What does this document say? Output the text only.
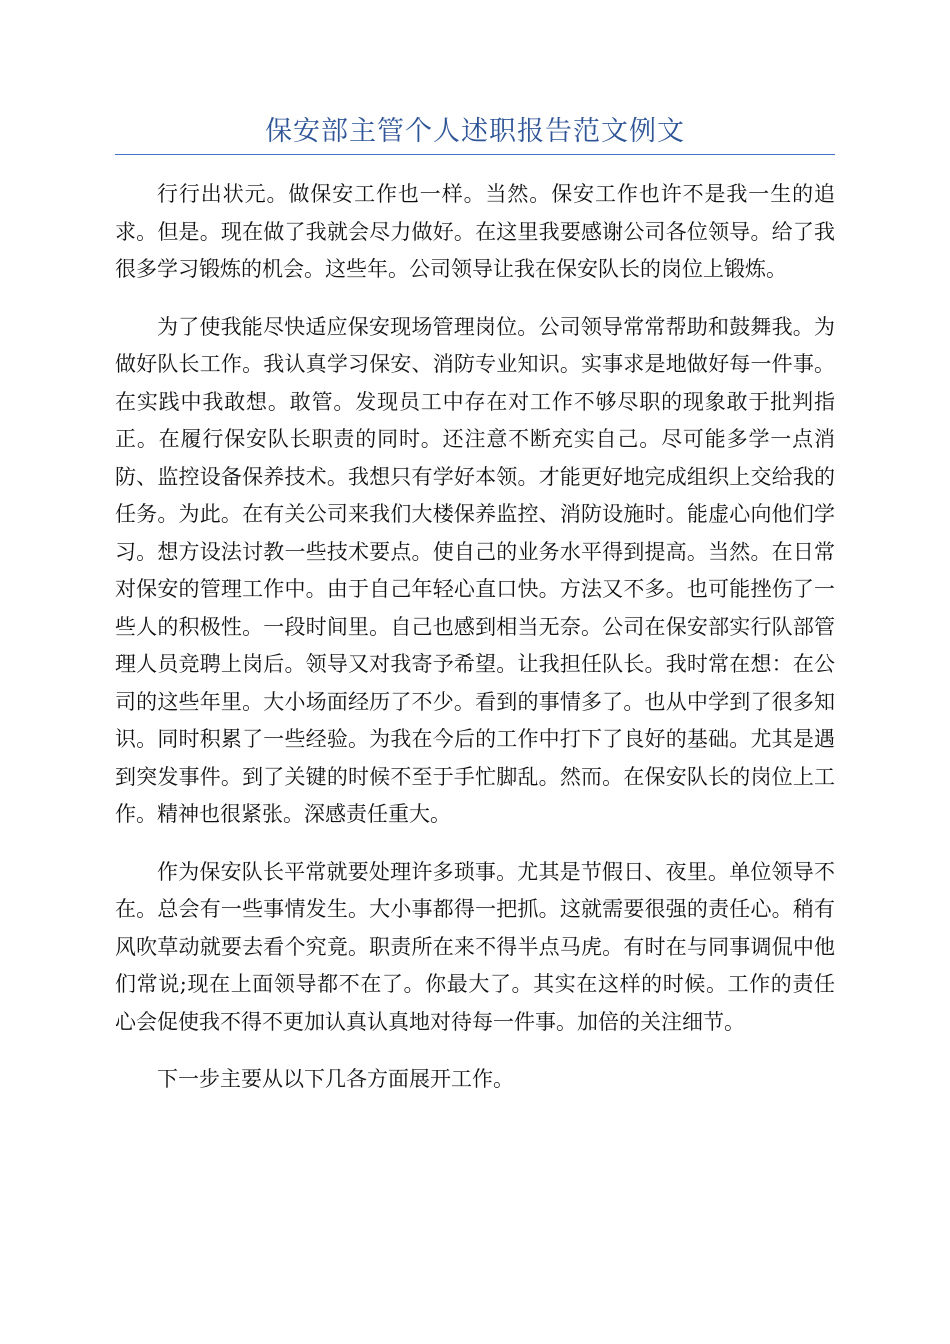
保安部主管个人述职报告范文例文

行行出状元。做保安工作也一样。当然。保安工作也许不是我一生的追求。但是。现在做了我就会尽力做好。在这里我要感谢公司各位领导。给了我很多学习锻炼的机会。这些年。公司领导让我在保安队长的岗位上锻炼。

为了使我能尽快适应保安现场管理岗位。公司领导常常帮助和鼓舞我。为做好队长工作。我认真学习保安、消防专业知识。实事求是地做好每一件事。在实践中我敢想。敢管。发现员工中存在对工作不够尽职的现象敢于批判指正。在履行保安队长职责的同时。还注意不断充实自己。尽可能多学一点消防、监控设备保养技术。我想只有学好本领。才能更好地完成组织上交给我的任务。为此。在有关公司来我们大楼保养监控、消防设施时。能虚心向他们学习。想方设法讨教一些技术要点。使自己的业务水平得到提高。当然。在日常对保安的管理工作中。由于自己年轻心直口快。方法又不多。也可能挫伤了一些人的积极性。一段时间里。自己也感到相当无奈。公司在保安部实行队部管理人员竞聘上岗后。领导又对我寄予希望。让我担任队长。我时常在想：在公司的这些年里。大小场面经历了不少。看到的事情多了。也从中学到了很多知识。同时积累了一些经验。为我在今后的工作中打下了良好的基础。尤其是遇到突发事件。到了关键的时候不至于手忙脚乱。然而。在保安队长的岗位上工作。精神也很紧张。深感责任重大。

作为保安队长平常就要处理许多琐事。尤其是节假日、夜里。单位领导不在。总会有一些事情发生。大小事都得一把抓。这就需要很强的责任心。稍有风吹草动就要去看个究竟。职责所在来不得半点马虎。有时在与同事调侃中他们常说;现在上面领导都不在了。你最大了。其实在这样的时候。工作的责任心会促使我不得不更加认真认真地对待每一件事。加倍的关注细节。

下一步主要从以下几各方面展开工作。
